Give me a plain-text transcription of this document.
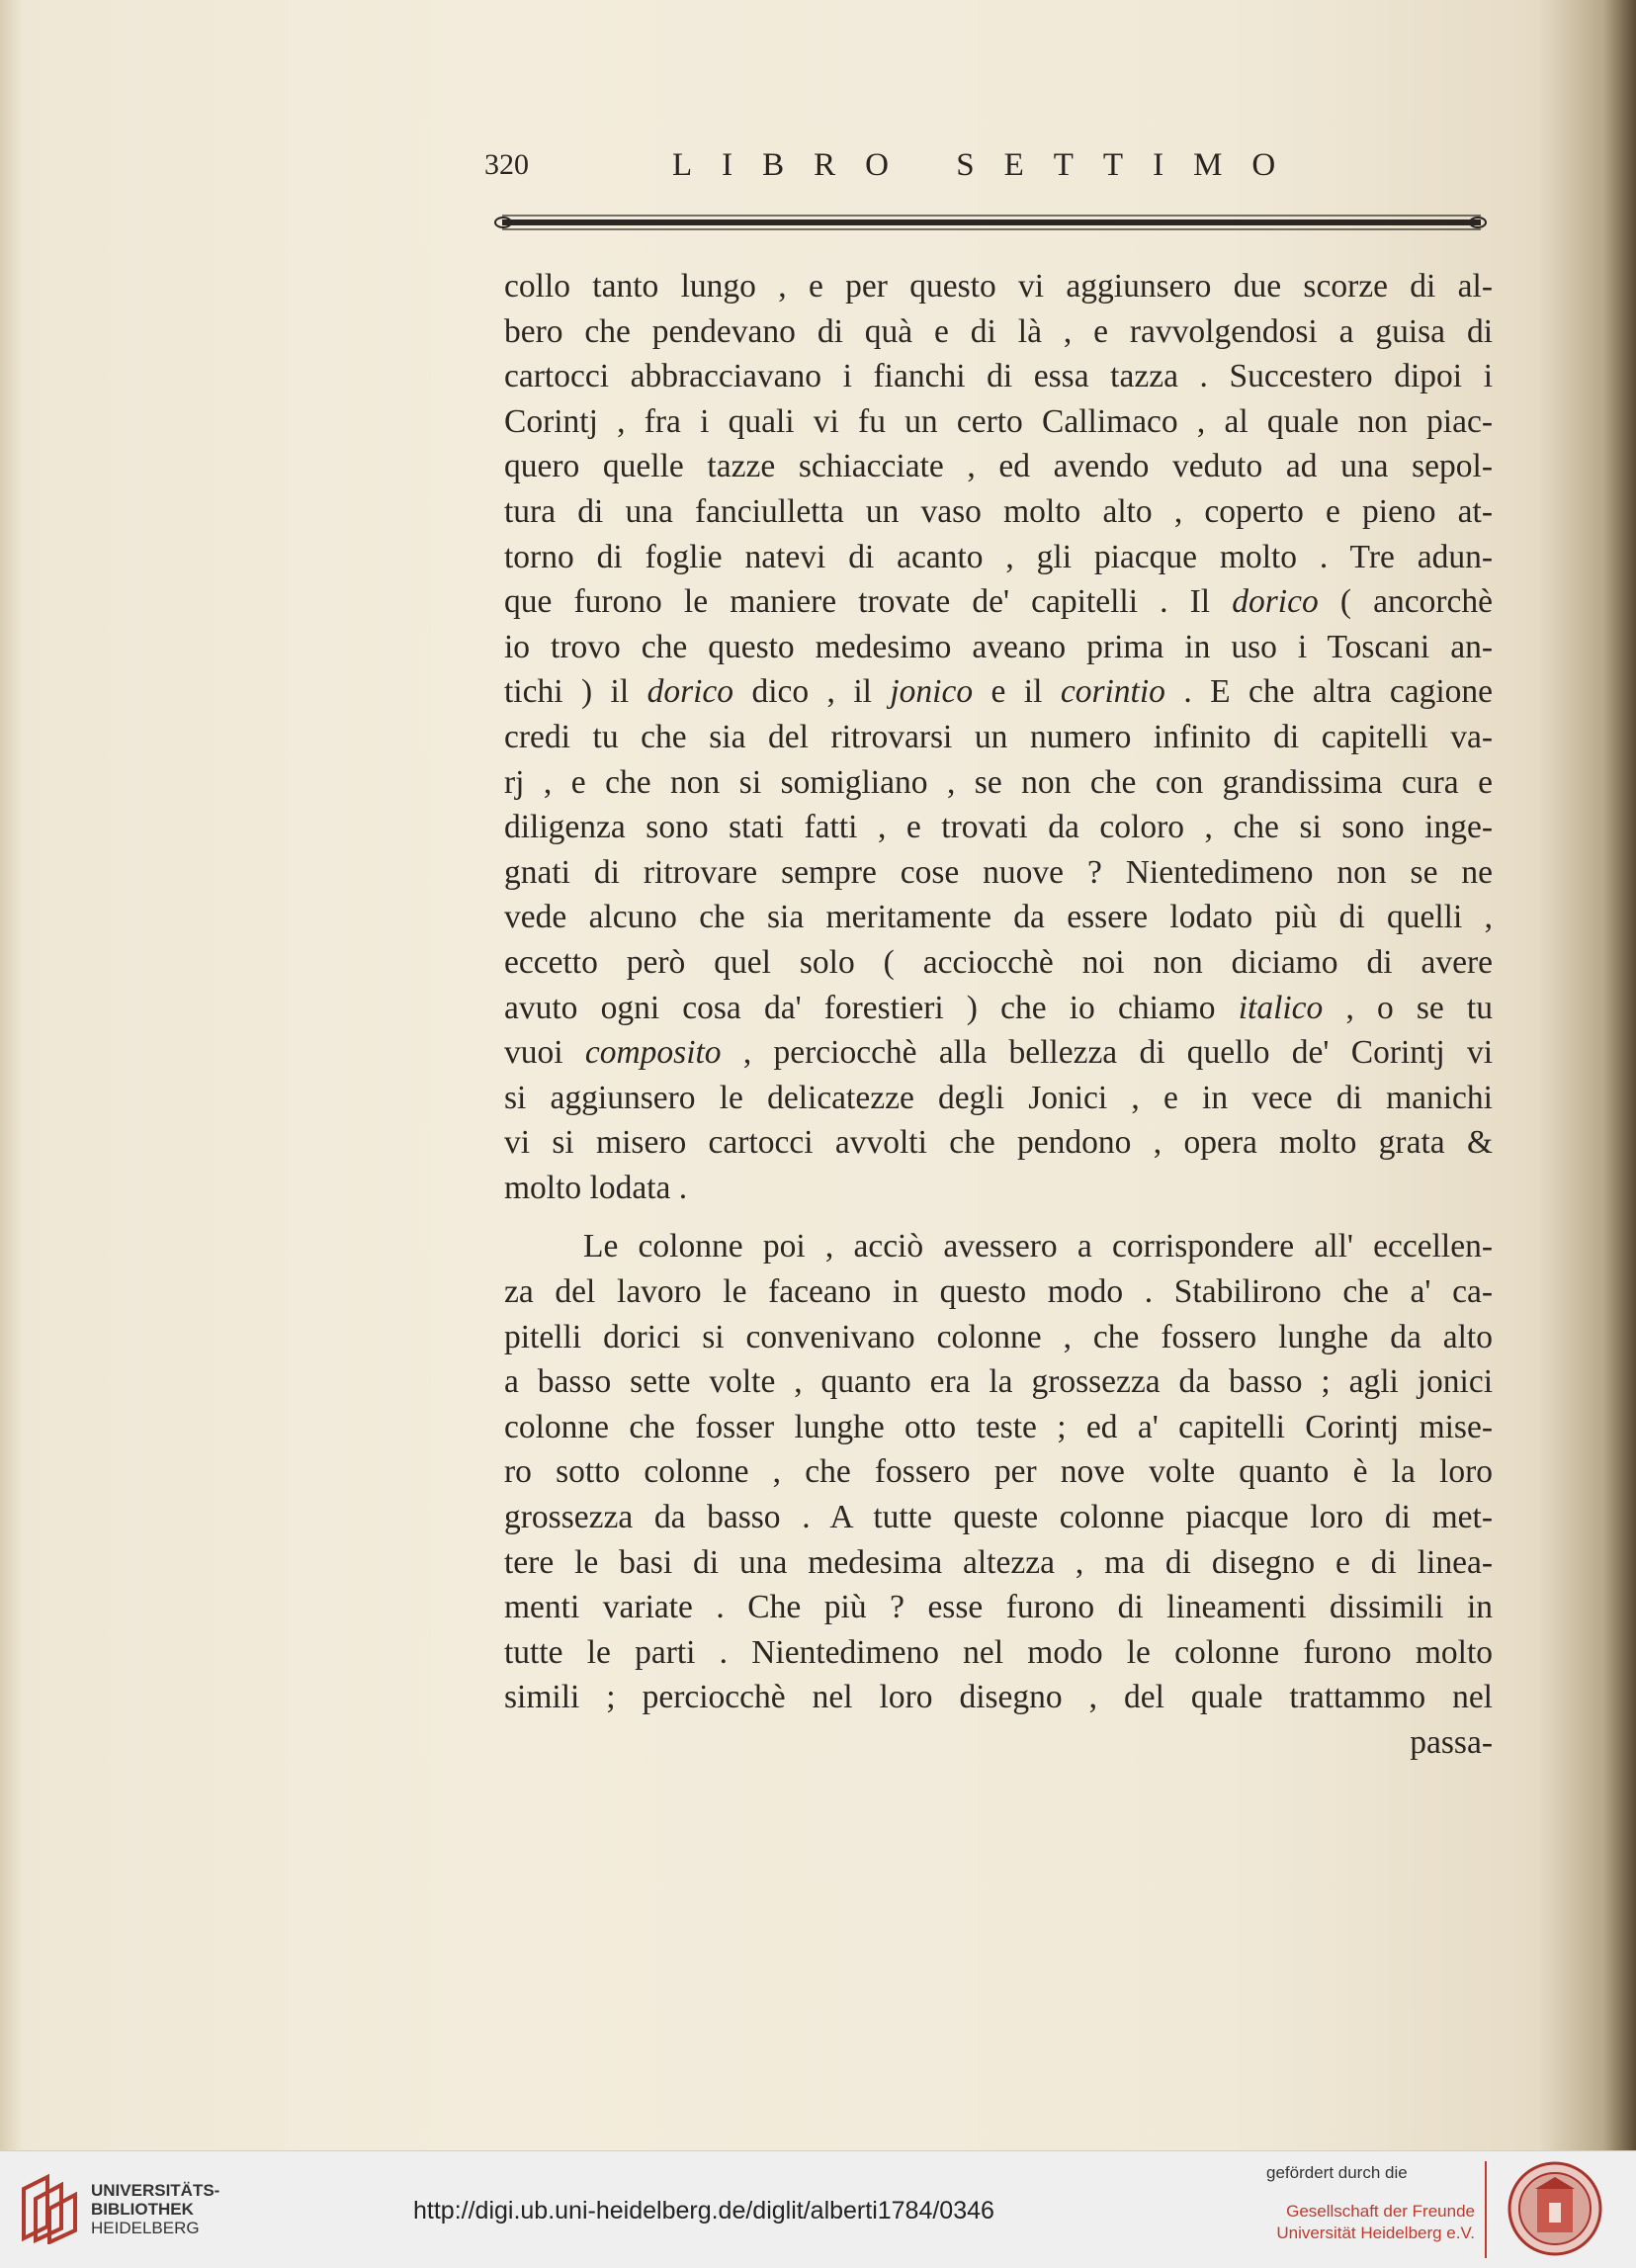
320	LIBRO SETTIMO
collo tanto lungo , e per questo vi aggiunsero due scorze di al-
bero che pendevano di quà e di là , e ravvolgendosi a guisa di
cartocci abbracciavano i fianchi di essa tazza . Succestero dipoi i
Corintj , fra i quali vi fu un certo Callimaco , al quale non piac-
quero quelle tazze schiacciate , ed avendo veduto ad una sepol-
tura di una fanciulletta un vaso molto alto , coperto e pieno at-
torno di foglie natevi di acanto , gli piacque molto . Tre adun-
que furono le maniere trovate de' capitelli . Il dorico ( ancorchè
io trovo che questo medesimo aveano prima in uso i Toscani an-
tichi ) il dorico dico , il jonico e il corintio . E che altra cagione
credi tu che sia del ritrovarsi un numero infinito di capitelli va-
rj , e che non si somigliano , se non che con grandissima cura e
diligenza sono stati fatti , e trovati da coloro , che si sono inge-
gnati di ritrovare sempre cose nuove ? Nientedimeno non se ne
vede alcuno che sia meritamente da essere lodato più di quelli ,
eccetto però quel solo ( acciocchè noi non diciamo di avere
avuto ogni cosa da' forestieri ) che io chiamo italico , o se tu
vuoi composito , perciocchè alla bellezza di quello de' Corintj vi
si aggiunsero le delicatezze degli Jonici , e in vece di manichi
vi si misero cartocci avvolti che pendono , opera molto grata &
molto lodata .
Le colonne poi , acciò avessero a corrispondere all' eccellen-
za del lavoro le faceano in questo modo . Stabilirono che a' ca-
pitelli dorici si convenivano colonne , che fossero lunghe da alto
a basso sette volte , quanto era la grossezza da basso ; agli jonici
colonne che fosser lunghe otto teste ; ed a' capitelli Corintj mise-
ro sotto colonne , che fossero per nove volte quanto è la loro
grossezza da basso . A tutte queste colonne piacque loro di met-
tere le basi di una medesima altezza , ma di disegno e di linea-
menti variate . Che più ? esse furono di lineamenti dissimili in
tutte le parti . Nientedimeno nel modo le colonne furono molto
simili ; perciocchè nel loro disegno , del quale trattammo nel
passa-
UNIVERSITÄTS-
BIBLIOTHEK
HEIDELBERG
http://digi.ub.uni-heidelberg.de/diglit/alberti1784/0346
gefördert durch die
Gesellschaft der Freunde
Universität Heidelberg e.V.
